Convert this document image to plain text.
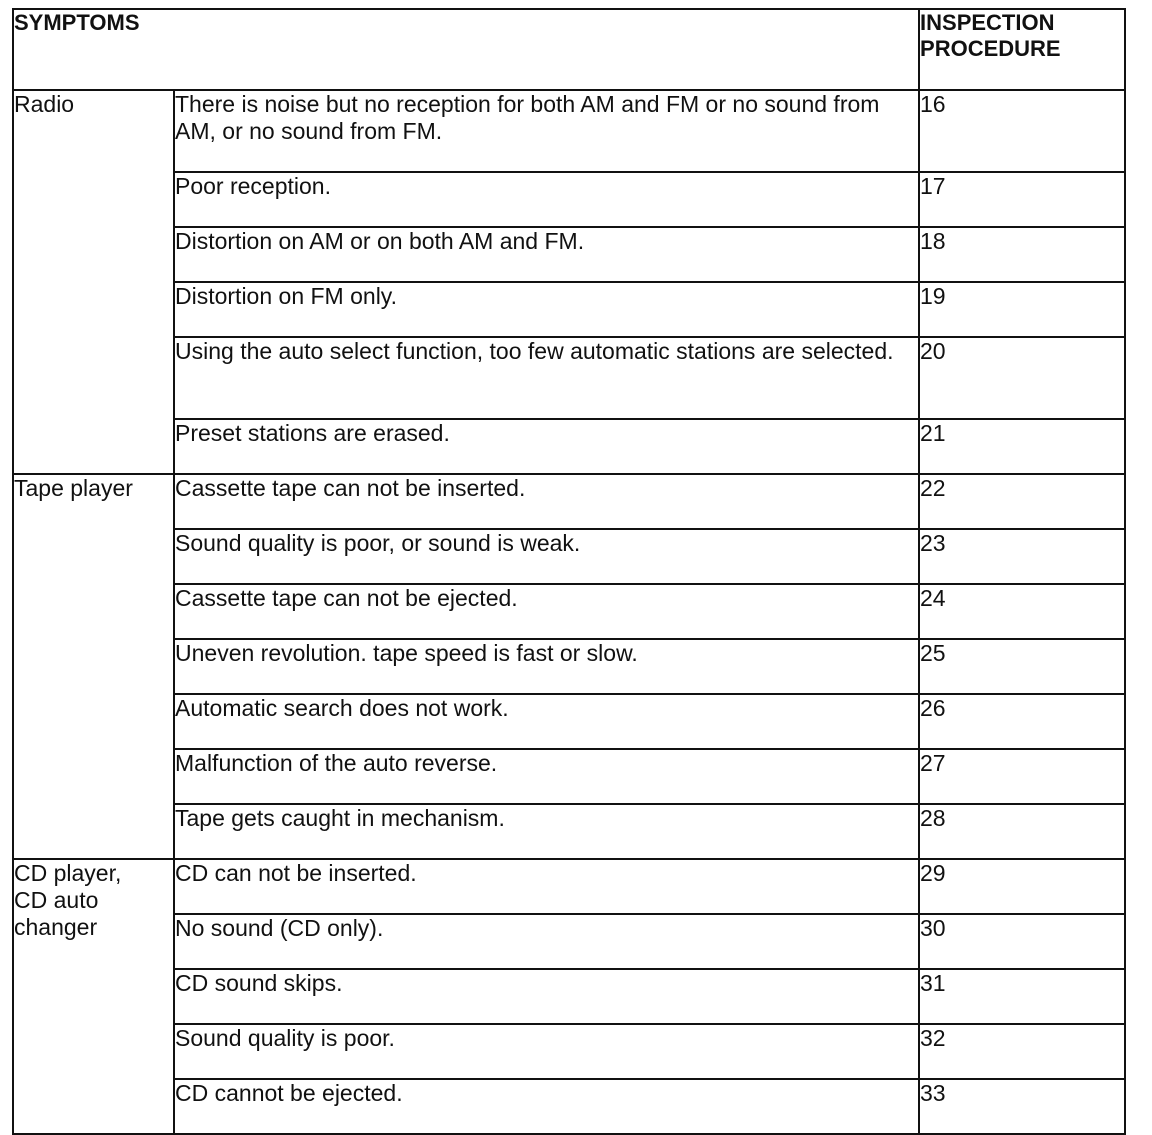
SYMPTOMS		INSPECTION
PROCEDURE

Radio	There is noise but no reception for both AM and FM or no sound from AM, or no sound from FM.	16
	Poor reception.	17
	Distortion on AM or on both AM and FM.	18
	Distortion on FM only.	19
	Using the auto select function, too few automatic stations are selected.	20
	Preset stations are erased.	21

Tape player	Cassette tape can not be inserted.	22
	Sound quality is poor, or sound is weak.	23
	Cassette tape can not be ejected.	24
	Uneven revolution. tape speed is fast or slow.	25
	Automatic search does not work.	26
	Malfunction of the auto reverse.	27
	Tape gets caught in mechanism.	28

CD player,
CD auto
changer	CD can not be inserted.	29
	No sound (CD only).	30
	CD sound skips.	31
	Sound quality is poor.	32
	CD cannot be ejected.	33
